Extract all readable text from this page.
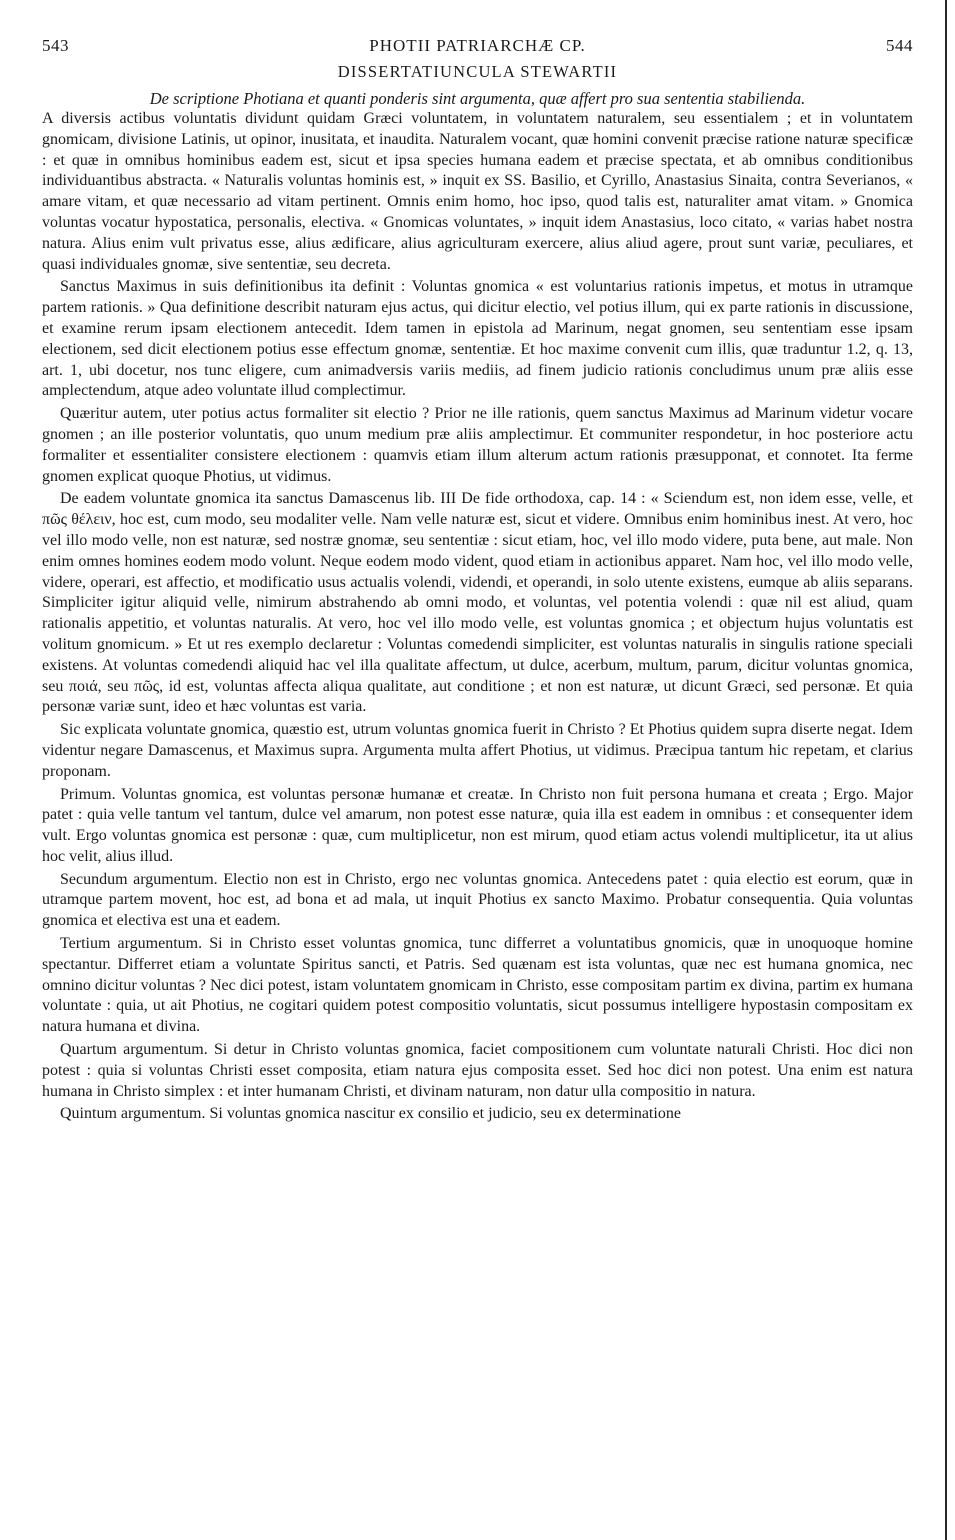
543	PHOTII PATRIARCHÆ CP.	544
DISSERTATIUNCULA STEWARTII
De scriptione Photiana et quanti ponderis sint argumenta, quæ affert pro sua sententia stabilienda.

A diversis actibus voluntatis dividunt quidam Græci voluntatem, in voluntatem naturalem, seu essentialem ; et in voluntatem gnomicam, divisione Latinis, ut opinor, inusitata, et inaudita. Naturalem vocant, quæ homini convenit præcise ratione naturæ specificæ : et quæ in omnibus hominibus eadem est, sicut et ipsa species humana eadem et præcise spectata, et ab omnibus conditionibus individuantibus abstracta. « Naturalis voluntas hominis est, » inquit ex SS. Basilio, et Cyrillo, Anastasius Sinaita, contra Severianos, « amare vitam, et quæ necessario ad vitam pertinent. Omnis enim homo, hoc ipso, quod talis est, naturaliter amat vitam. » Gnomica voluntas vocatur hypostatica, personalis, electiva. « Gnomicas voluntates, » inquit idem Anastasius, loco citato, « varias habet nostra natura. Alius enim vult privatus esse, alius ædificare, alius agriculturam exercere, alius aliud agere, prout sunt variæ, peculiares, et quasi individuales gnomæ, sive sententiæ, seu decreta.

Sanctus Maximus in suis definitionibus ita definit : Voluntas gnomica « est voluntarius rationis impetus, et motus in utramque partem rationis. » Qua definitione describit naturam ejus actus, qui dicitur electio, vel potius illum, qui ex parte rationis in discussione, et examine rerum ipsam electionem antecedit. Idem tamen in epistola ad Marinum, negat gnomen, seu sententiam esse ipsam electionem, sed dicit electionem potius esse effectum gnomæ, sententiæ. Et hoc maxime convenit cum illis, quæ traduntur 1.2, q. 13, art. 1, ubi docetur, nos tunc eligere, cum animadversis variis mediis, ad finem judicio rationis concludimus unum præ aliis esse amplectendum, atque adeo voluntate illud complectimur.

Quæritur autem, uter potius actus formaliter sit electio ? Prior ne ille rationis, quem sanctus Maximus ad Marinum videtur vocare gnomen ; an ille posterior voluntatis, quo unum medium præ aliis amplectimur. Et communiter respondetur, in hoc posteriore actu formaliter et essentialiter consistere electionem : quamvis etiam illum alterum actum rationis præsupponat, et connotet. Ita ferme gnomen explicat quoque Photius, ut vidimus.

De eadem voluntate gnomica ita sanctus Damascenus lib. III De fide orthodoxa, cap. 14 : « Sciendum est, non idem esse, velle, et πῶς θέλειν, hoc est, cum modo, seu modaliter velle. Nam velle naturæ est, sicut et videre. Omnibus enim hominibus inest. At vero, hoc vel illo modo velle, non est naturæ, sed nostræ gnomæ, seu sententiæ : sicut etiam, hoc, vel illo modo videre, puta bene, aut male. Non enim omnes homines eodem modo volunt. Neque eodem modo vident, quod etiam in actionibus apparet. Nam hoc, vel illo modo velle, videre, operari, est affectio, et modificatio usus actualis volendi, videndi, et operandi, in solo utente existens, eumque ab aliis separans. Simpliciter igitur aliquid velle, nimirum abstrahendo ab omni modo, et voluntas, vel potentia volendi : quæ nil est aliud, quam rationalis appetitio, et voluntas naturalis. At vero, hoc vel illo modo velle, est voluntas gnomica ; et objectum hujus voluntatis est volitum gnomicum. » Et ut res exemplo declaretur : Voluntas comedendi simpliciter, est voluntas naturalis in singulis ratione speciali existens. At voluntas comedendi aliquid hac vel illa qualitate affectum, ut dulce, acerbum, multum, parum, dicitur voluntas gnomica, seu ποιά, seu πῶς, id est, voluntas affecta aliqua qualitate, aut conditione ; et non est naturæ, ut dicunt Græci, sed personæ. Et quia personæ variæ sunt, ideo et hæc voluntas est varia.

Sic explicata voluntate gnomica, quæstio est, utrum voluntas gnomica fuerit in Christo ? Et Photius quidem supra diserte negat. Idem videntur negare Damascenus, et Maximus supra. Argumenta multa affert Photius, ut vidimus. Præcipua tantum hic repetam, et clarius proponam.

Primum. Voluntas gnomica, est voluntas personæ humanæ et creatæ. In Christo non fuit persona humana et creata ; Ergo. Major patet : quia velle tantum vel tantum, dulce vel amarum, non potest esse naturæ, quia illa est eadem in omnibus : et consequenter idem vult. Ergo voluntas gnomica est personæ : quæ, cum multiplicetur, non est mirum, quod etiam actus volendi multiplicetur, ita ut alius hoc velit, alius illud.

Secundum argumentum. Electio non est in Christo, ergo nec voluntas gnomica. Antecedens patet : quia electio est eorum, quæ in utramque partem movent, hoc est, ad bona et ad mala, ut inquit Photius ex sancto Maximo. Probatur consequentia. Quia voluntas gnomica et electiva est una et eadem.

Tertium argumentum. Si in Christo esset voluntas gnomica, tunc differret a voluntatibus gnomicis, quæ in unoquoque homine spectantur. Differret etiam a voluntate Spiritus sancti, et Patris. Sed quænam est ista voluntas, quæ nec est humana gnomica, nec omnino dicitur voluntas ? Nec dici potest, istam voluntatem gnomicam in Christo, esse compositam partim ex divina, partim ex humana voluntate : quia, ut ait Photius, ne cogitari quidem potest compositio voluntatis, sicut possumus intelligere hypostasin compositam ex natura humana et divina.

Quartum argumentum. Si detur in Christo voluntas gnomica, faciet compositionem cum voluntate naturali Christi. Hoc dici non potest : quia si voluntas Christi esset composita, etiam natura ejus composita esset. Sed hoc dici non potest. Una enim est natura humana in Christo simplex : et inter humanam Christi, et divinam naturam, non datur ulla compositio in natura.

Quintum argumentum. Si voluntas gnomica nascitur ex consilio et judicio, seu ex determinatione
